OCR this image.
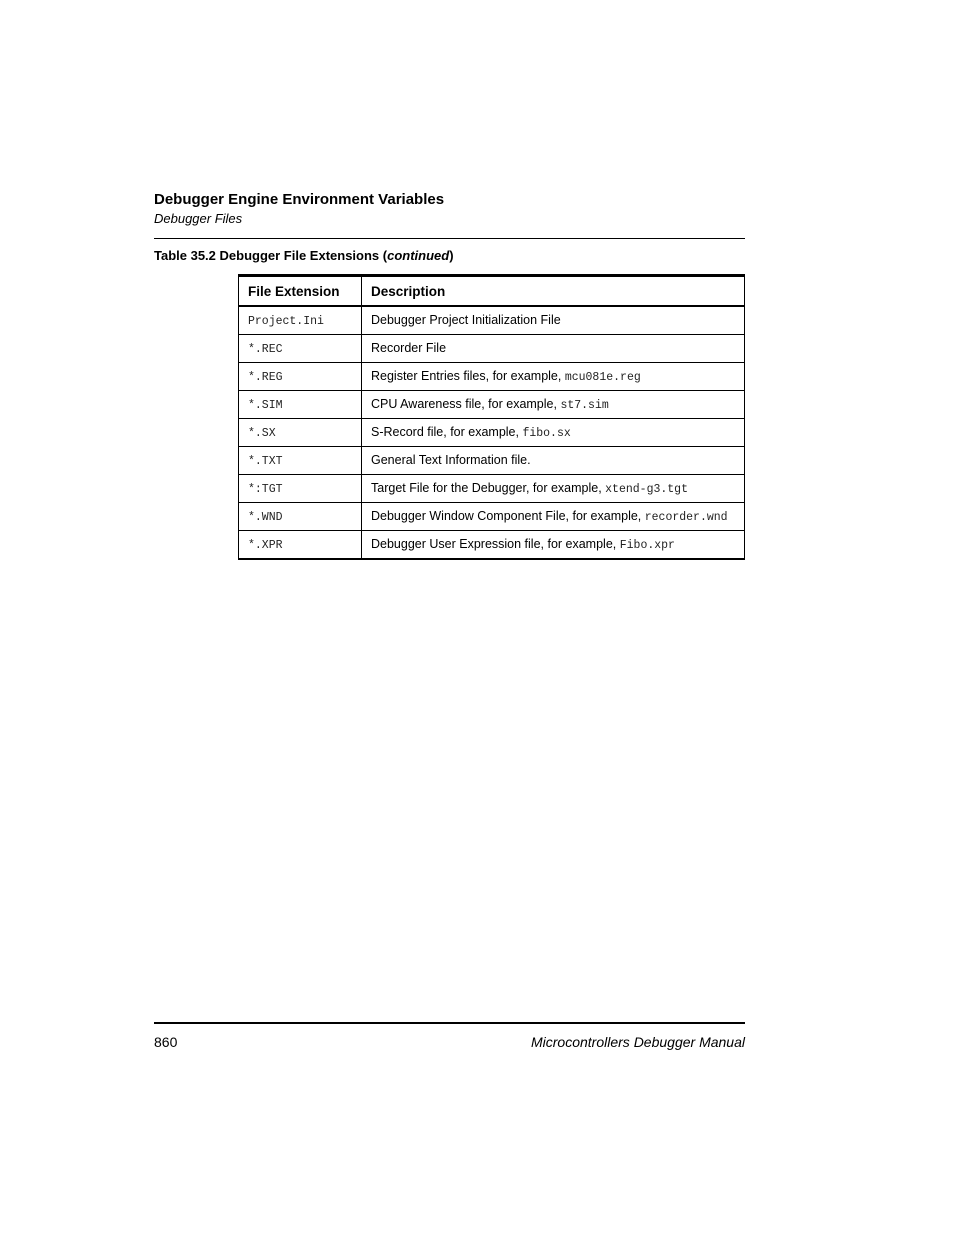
Debugger Engine Environment Variables
Debugger Files
Table 35.2 Debugger File Extensions (continued)
File Extension	Description
Project.Ini	Debugger Project Initialization File
*.REC	Recorder File
*.REG	Register Entries files, for example, mcu081e.reg
*.SIM	CPU Awareness file, for example, st7.sim
*.SX	S-Record file, for example, fibo.sx
*.TXT	General Text Information file.
*:TGT	Target File for the Debugger, for example, xtend-g3.tgt
*.WND	Debugger Window Component File, for example, recorder.wnd
*.XPR	Debugger User Expression file, for example, Fibo.xpr
860	Microcontrollers Debugger Manual
